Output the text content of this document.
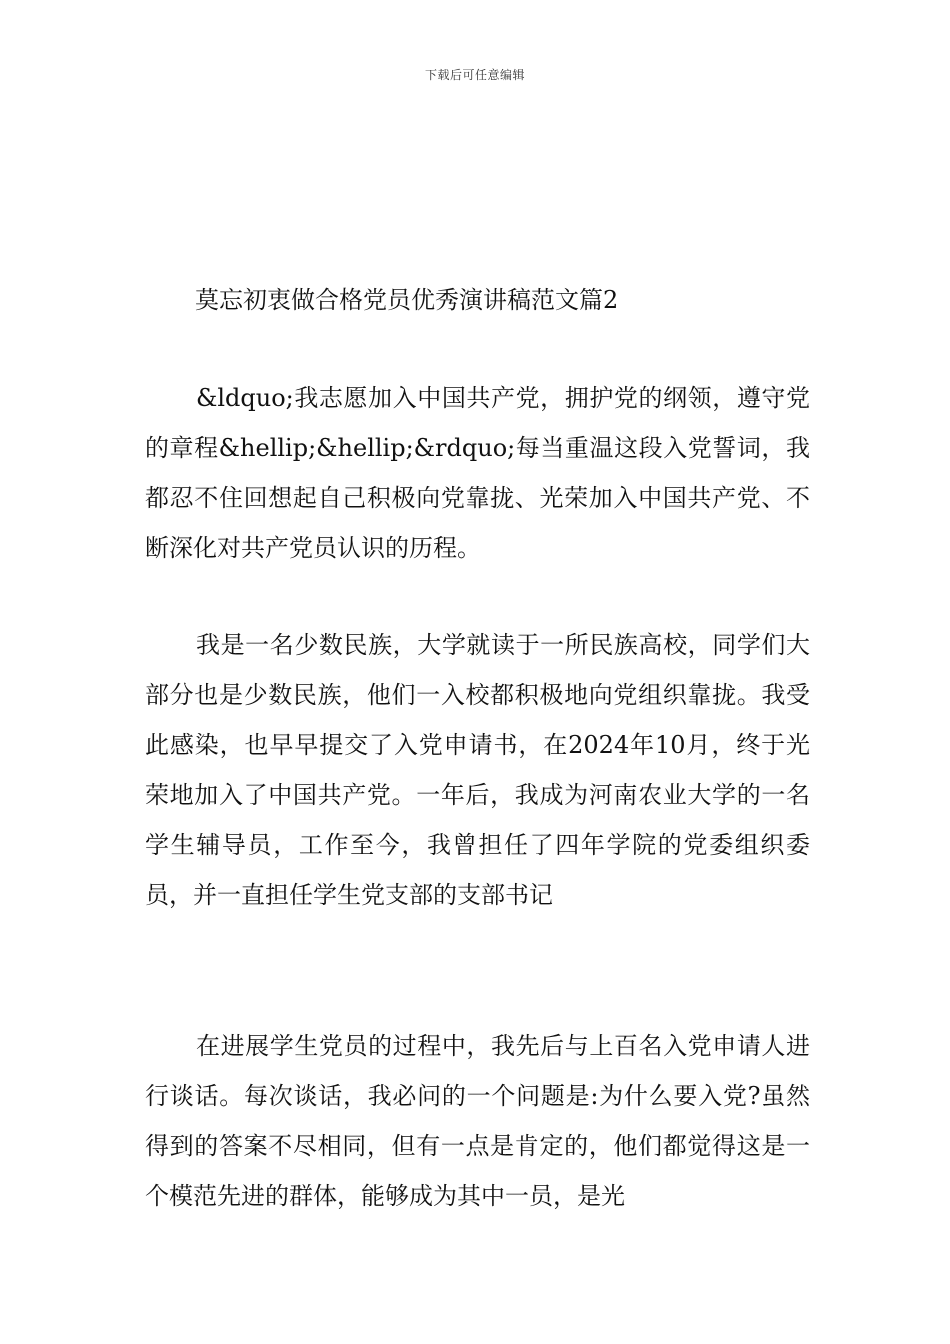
下载后可任意编辑
莫忘初衷做合格党员优秀演讲稿范文篇2

&ldquo;我志愿加入中国共产党，拥护党的纲领，遵守党的章程&hellip;&hellip;&rdquo;每当重温这段入党誓词，我都忍不住回想起自己积极向党靠拢、光荣加入中国共产党、不断深化对共产党员认识的历程。

我是一名少数民族，大学就读于一所民族高校，同学们大部分也是少数民族，他们一入校都积极地向党组织靠拢。我受此感染，也早早提交了入党申请书，在2024年10月，终于光荣地加入了中国共产党。一年后，我成为河南农业大学的一名学生辅导员，工作至今，我曾担任了四年学院的党委组织委员，并一直担任学生党支部的支部书记

在进展学生党员的过程中，我先后与上百名入党申请人进行谈话。每次谈话，我必问的一个问题是:为什么要入党?虽然得到的答案不尽相同，但有一点是肯定的，他们都觉得这是一个模范先进的群体，能够成为其中一员，是光
